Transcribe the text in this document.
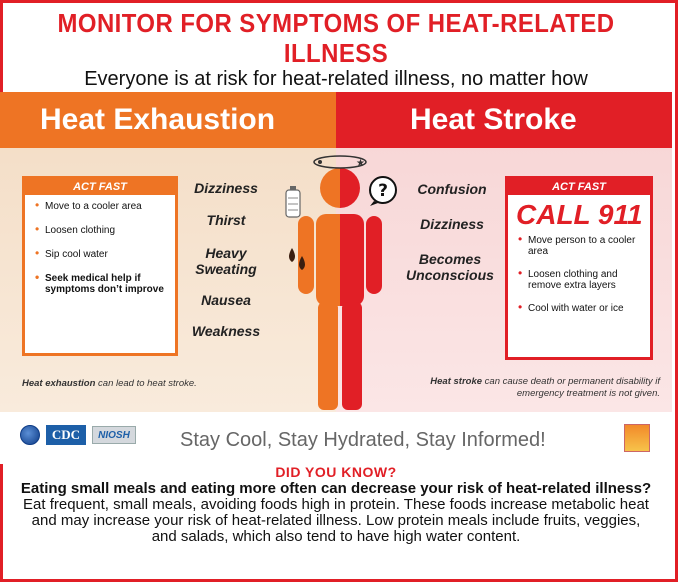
MONITOR FOR SYMPTOMS OF HEAT-RELATED ILLNESS
Everyone is at risk for heat-related illness, no matter how
Heat Exhaustion	Heat Stroke
ACT FAST
• Move to a cooler area
• Loosen clothing
• Sip cool water
• Seek medical help if symptoms don’t improve
ACT FAST
CALL 911
• Move person to a cooler area
• Loosen clothing and remove extra layers
• Cool with water or ice
Dizziness
Thirst
Heavy Sweating
Nausea
Weakness
Confusion
Dizziness
Becomes Unconscious
★
?
Heat exhaustion can lead to heat stroke.	Heat stroke can cause death or permanent disability if emergency treatment is not given.
CDC	NIOSH	Stay Cool, Stay Hydrated, Stay Informed!
DID YOU KNOW?
Eating small meals and eating more often can decrease your risk of heat-related illness?
Eat frequent, small meals, avoiding foods high in protein. These foods increase metabolic heat and may increase your risk of heat-related illness. Low protein meals include fruits, veggies, and salads, which also tend to have high water content.
